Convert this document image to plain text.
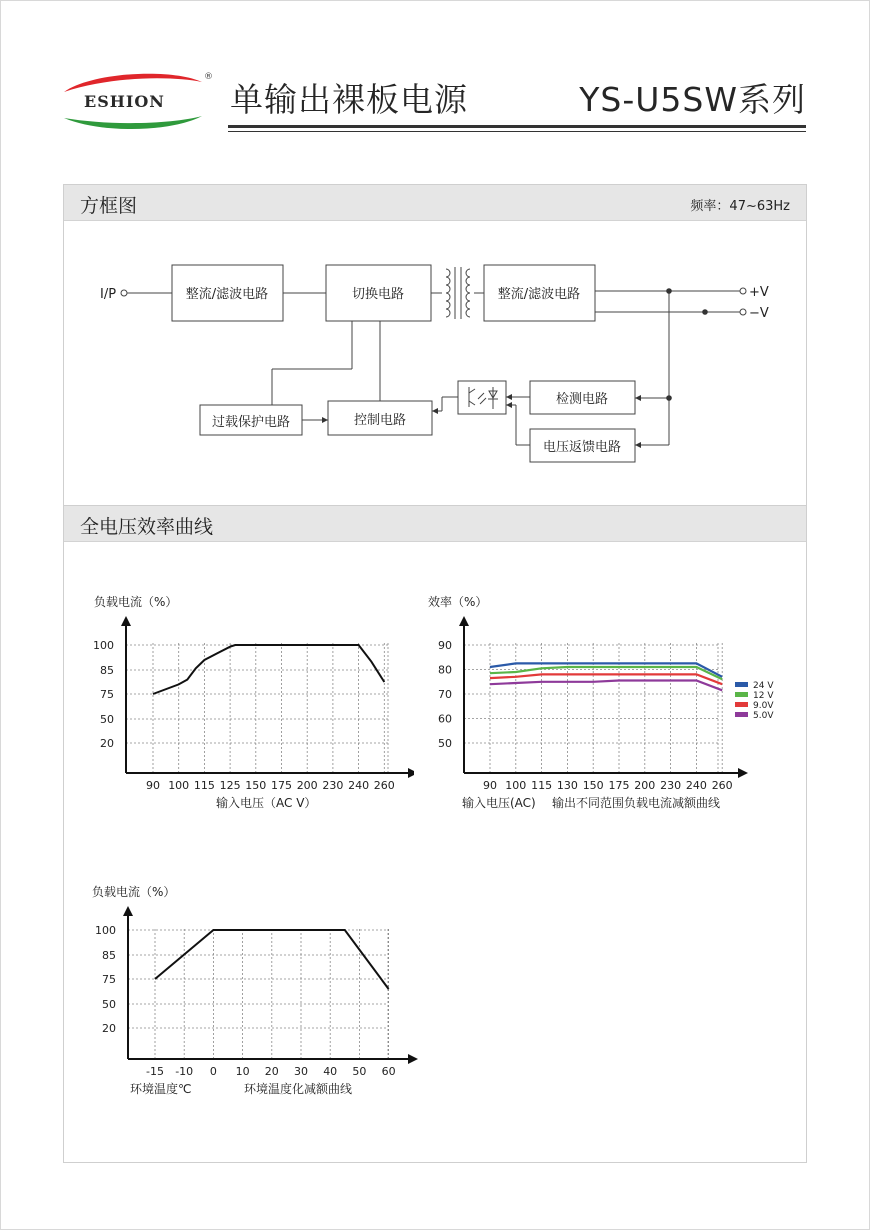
ESHION
®
单输出裸板电源	YS-U5SW系列
方框图	频率：47~63Hz
I/P	整流/滤波电路	切换电路	整流/滤波电路
过载保护电路	控制电路
检测电路
电压返馈电路
+V
−V
全电压效率曲线
负载电流（%）
100
85
75
50
20
90 100 115 125 150 175 200 230 240 260
输入电压（AC V）
效率（%）
90
80
70
60
50
90 100 115 130 150 175 200 230 240 260
输入电压(AC) 输出不同范围负载电流减额曲线
24 V
12 V
9.0V
5.0V
负载电流（%）
100
85
75
50
20
-15 -10 0 10 20 30 40 50 60
环境温度℃	环境温度化减额曲线
